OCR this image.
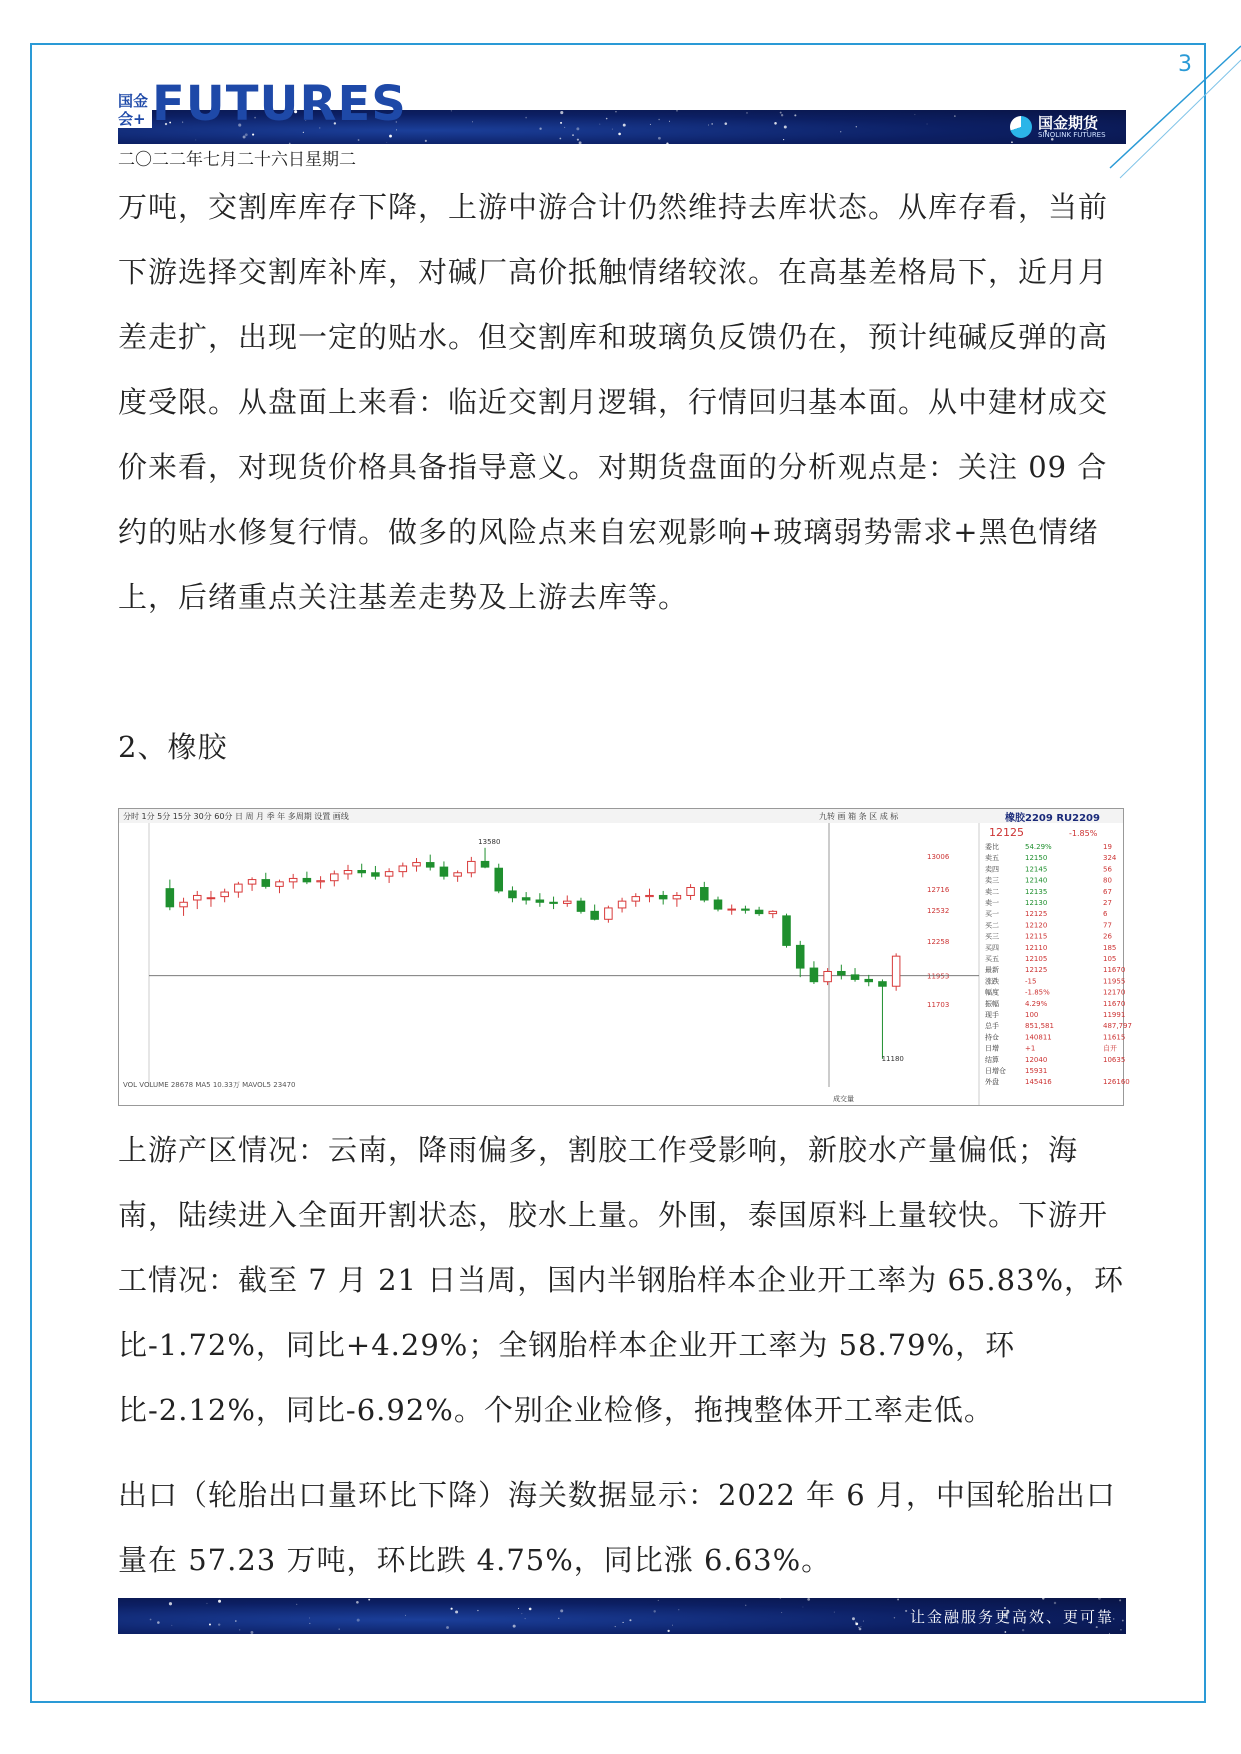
3
国金会+ FUTURES	国金期货
SINOLINK FUTURES
二〇二二年七月二十六日星期二

万吨，交割库库存下降，上游中游合计仍然维持去库状态。从库存看，当前下游选择交割库补库，对碱厂高价抵触情绪较浓。在高基差格局下，近月月差走扩，出现一定的贴水。但交割库和玻璃负反馈仍在，预计纯碱反弹的高度受限。从盘面上来看：临近交割月逻辑，行情回归基本面。从中建材成交价来看，对现货价格具备指导意义。对期货盘面的分析观点是：关注 09 合约的贴水修复行情。做多的风险点来自宏观影响+玻璃弱势需求+黑色情绪上，后绪重点关注基差走势及上游去库等。

2、橡胶

分时 1分 5分 15分 30分 60分 日 周 月 季 年 多周期 设置 画线	九转 画 箱 条 区 成 标
13006
12716
12532
12258
11953
11703
13580
11180
VOL VOLUME 28678 MA5 10.33万 MAVOL5 23470
成交量
橡胶2209 RU2209
12125	-1.85%
委比	54.29%	19
卖五	12150	324
卖四	12145	56
卖三	12140	80
卖二	12135	67
卖一	12130	27
买一	12125	6
买二	12120	77
买三	12115	26
买四	12110	185
买五	12105	105
最新	12125	11670
涨跌	-15	11955
幅度	-1.85%	12170
振幅	4.29%	11670
现手	100	11991
总手	851,581	487,797
持仓	140811	11615
日增	+1	自开
结算	12040	10635
日增仓	15931
外盘	145416	126160

上游产区情况：云南，降雨偏多，割胶工作受影响，新胶水产量偏低；海南，陆续进入全面开割状态，胶水上量。外围，泰国原料上量较快。下游开工情况：截至 7 月 21 日当周，国内半钢胎样本企业开工率为 65.83%，环比-1.72%，同比+4.29%；全钢胎样本企业开工率为 58.79%，环比-2.12%，同比-6.92%。个别企业检修，拖拽整体开工率走低。

出口（轮胎出口量环比下降）海关数据显示：2022 年 6 月，中国轮胎出口量在 57.23 万吨，环比跌 4.75%，同比涨 6.63%。

让金融服务更高效、更可靠
